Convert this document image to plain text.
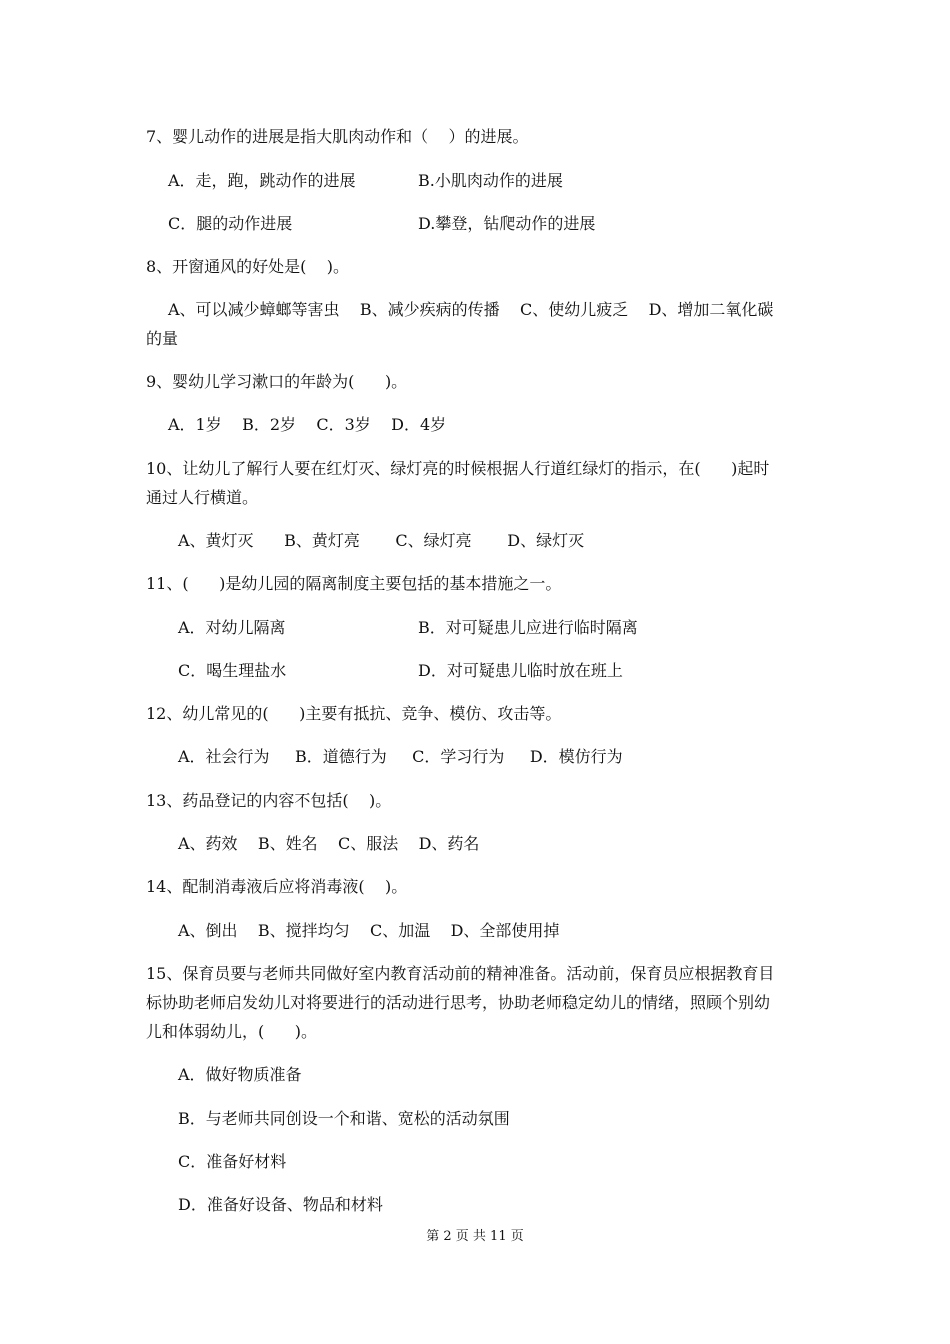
7、婴儿动作的进展是指大肌肉动作和（    ）的进展。
A．走，跑，跳动作的进展	B.小肌肉动作的进展
C．腿的动作进展	D.攀登，钻爬动作的进展
8、开窗通风的好处是(    )。
A、可以减少蟑螂等害虫    B、减少疾病的传播    C、使幼儿疲乏    D、增加二氧化碳
的量
9、婴幼儿学习漱口的年龄为(      )。
A．1岁    B．2岁    C．3岁    D．4岁
10、让幼儿了解行人要在红灯灭、绿灯亮的时候根据人行道红绿灯的指示，在(      )起时
通过人行横道。
A、黄灯灭      B、黄灯亮       C、绿灯亮       D、绿灯灭
11、(      )是幼儿园的隔离制度主要包括的基本措施之一。
A．对幼儿隔离	B．对可疑患儿应进行临时隔离
C．喝生理盐水	D．对可疑患儿临时放在班上
12、幼儿常见的(      )主要有抵抗、竞争、模仿、攻击等。
A．社会行为     B．道德行为     C．学习行为     D．模仿行为
13、药品登记的内容不包括(    )。
A、药效    B、姓名    C、服法    D、药名
14、配制消毒液后应将消毒液(    )。
A、倒出    B、搅拌均匀    C、加温    D、全部使用掉
15、保育员要与老师共同做好室内教育活动前的精神准备。活动前，保育员应根据教育目
标协助老师启发幼儿对将要进行的活动进行思考，协助老师稳定幼儿的情绪，照顾个别幼
儿和体弱幼儿，(      )。
A．做好物质准备
B．与老师共同创设一个和谐、宽松的活动氛围
C．准备好材料
D．准备好设备、物品和材料
第 2 页 共 11 页
